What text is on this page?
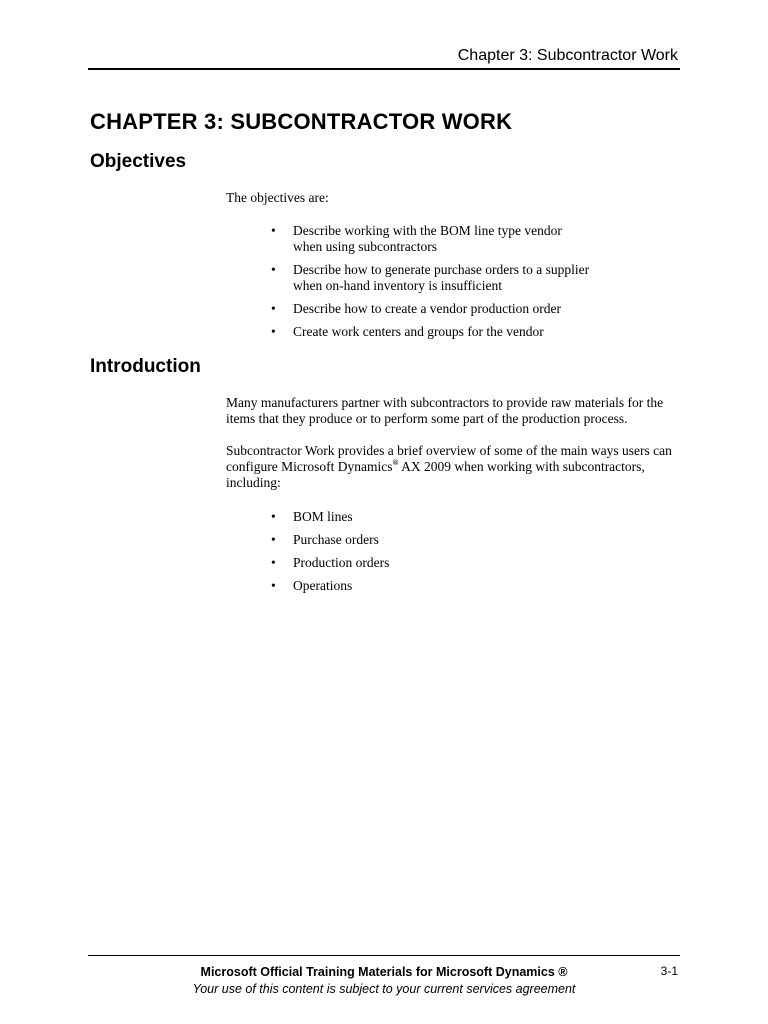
Chapter 3: Subcontractor Work
CHAPTER 3: SUBCONTRACTOR WORK
Objectives

The objectives are:

• Describe working with the BOM line type vendor when using subcontractors
• Describe how to generate purchase orders to a supplier when on-hand inventory is insufficient
• Describe how to create a vendor production order
• Create work centers and groups for the vendor
Introduction

Many manufacturers partner with subcontractors to provide raw materials for the items that they produce or to perform some part of the production process.

Subcontractor Work provides a brief overview of some of the main ways users can configure Microsoft Dynamics® AX 2009 when working with subcontractors, including:

• BOM lines
• Purchase orders
• Production orders
• Operations
Microsoft Official Training Materials for Microsoft Dynamics ®
Your use of this content is subject to your current services agreement
3-1
